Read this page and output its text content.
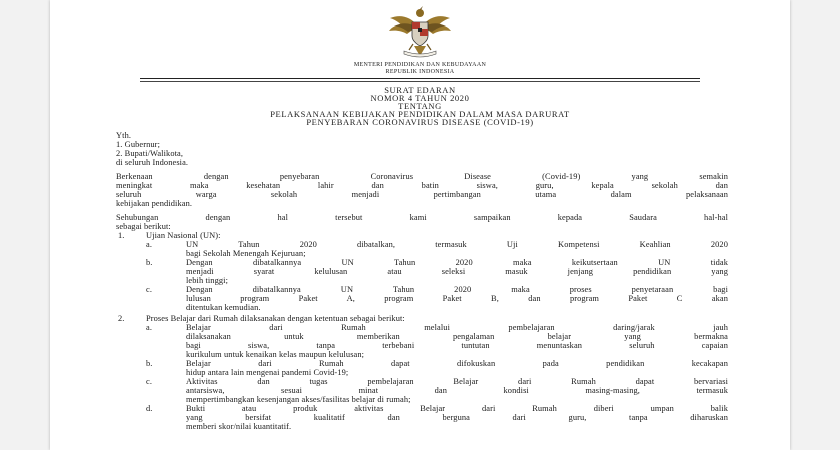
MENTERI PENDIDIKAN DAN KEBUDAYAAN
REPUBLIK INDONESIA
SURAT EDARAN
NOMOR 4 TAHUN 2020
TENTANG
PELAKSANAAN KEBIJAKAN PENDIDIKAN DALAM MASA DARURAT
PENYEBARAN CORONAVIRUS DISEASE (COVID-19)
Yth.
1. Gubernur;
2. Bupati/Walikota,
di seluruh Indonesia.
Berkenaan dengan penyebaran Coronavirus Disease (Covid-19) yang semakin
meningkat maka kesehatan lahir dan batin siswa, guru, kepala sekolah dan
seluruh warga sekolah menjadi pertimbangan utama dalam pelaksanaan
kebijakan pendidikan.
Sehubungan dengan hal tersebut kami sampaikan kepada Saudara hal-hal
sebagai berikut:
1.	Ujian Nasional (UN):
a.	UN Tahun 2020 dibatalkan, termasuk Uji Kompetensi Keahlian 2020
bagi Sekolah Menengah Kejuruan;
b.	Dengan dibatalkannya UN Tahun 2020 maka keikutsertaan UN tidak
menjadi syarat kelulusan atau seleksi masuk jenjang pendidikan yang
lebih tinggi;
c.	Dengan dibatalkannya UN Tahun 2020 maka proses penyetaraan bagi
lulusan program Paket A, program Paket B, dan program Paket C akan
ditentukan kemudian.
2.	Proses Belajar dari Rumah dilaksanakan dengan ketentuan sebagai berikut:
a.	Belajar dari Rumah melalui pembelajaran daring/jarak jauh
dilaksanakan untuk memberikan pengalaman belajar yang bermakna
bagi siswa, tanpa terbebani tuntutan menuntaskan seluruh capaian
kurikulum untuk kenaikan kelas maupun kelulusan;
b.	Belajar dari Rumah dapat difokuskan pada pendidikan kecakapan
hidup antara lain mengenai pandemi Covid-19;
c.	Aktivitas dan tugas pembelajaran Belajar dari Rumah dapat bervariasi
antarsiswa, sesuai minat dan kondisi masing-masing, termasuk
mempertimbangkan kesenjangan akses/fasilitas belajar di rumah;
d.	Bukti atau produk aktivitas Belajar dari Rumah diberi umpan balik
yang bersifat kualitatif dan berguna dari guru, tanpa diharuskan
memberi skor/nilai kuantitatif.
